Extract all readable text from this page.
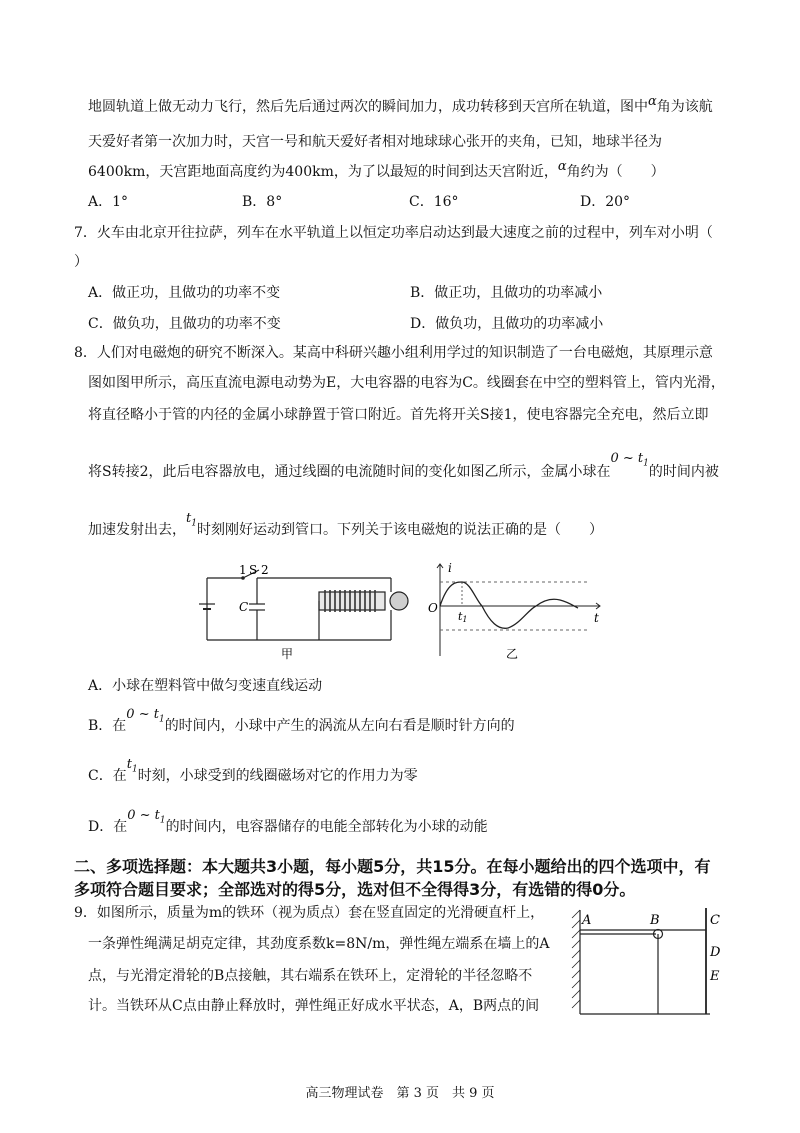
地圆轨道上做无动力飞行，然后先后通过两次的瞬间加力，成功转移到天宫所在轨道，图中α角为该航
天爱好者第一次加力时，天宫一号和航天爱好者相对地球球心张开的夹角，已知，地球半径为
6400km，天宫距地面高度约为400km，为了以最短的时间到达天宫附近，α角约为（　　）
A．1°	B．8°	C．16°	D．20°
7．火车由北京开往拉萨，列车在水平轨道上以恒定功率启动达到最大速度之前的过程中，列车对小明（
）
A．做正功，且做功的功率不变	B．做正功，且做功的功率减小
C．做负功，且做功的功率不变	D．做负功，且做功的功率减小
8．人们对电磁炮的研究不断深入。某高中科研兴趣小组利用学过的知识制造了一台电磁炮，其原理示意
图如图甲所示，高压直流电源电动势为E，大电容器的电容为C。线圈套在中空的塑料管上，管内光滑，
将直径略小于管的内径的金属小球静置于管口附近。首先将开关S接1，使电容器完全充电，然后立即
将S转接2，此后电容器放电，通过线圈的电流随时间的变化如图乙所示，金属小球在0 ~ $t_1$的时间内被
加速发射出去，$t_1$时刻刚好运动到管口。下列关于该电磁炮的说法正确的是（　　）
1 S 2
C
甲
i
t
O
t1
乙
A．小球在塑料管中做匀变速直线运动
B．在0 ~ $t_1$的时间内，小球中产生的涡流从左向右看是顺时针方向的
C．在$t_1$时刻，小球受到的线圈磁场对它的作用力为零
D．在0 ~ $t_1$的时间内，电容器储存的电能全部转化为小球的动能
二、多项选择题：本大题共3小题，每小题5分，共15分。在每小题给出的四个选项中，有
多项符合题目要求；全部选对的得5分，选对但不全得得3分，有选错的得0分。
9．如图所示，质量为m的铁环（视为质点）套在竖直固定的光滑硬直杆上，
一条弹性绳满足胡克定律，其劲度系数k=8N/m，弹性绳左端系在墙上的A
点，与光滑定滑轮的B点接触，其右端系在铁环上，定滑轮的半径忽略不
计。当铁环从C点由静止释放时，弹性绳正好成水平状态，A，B两点的间
A	B	C
D
E
高三物理试卷　第 3 页　共 9 页
